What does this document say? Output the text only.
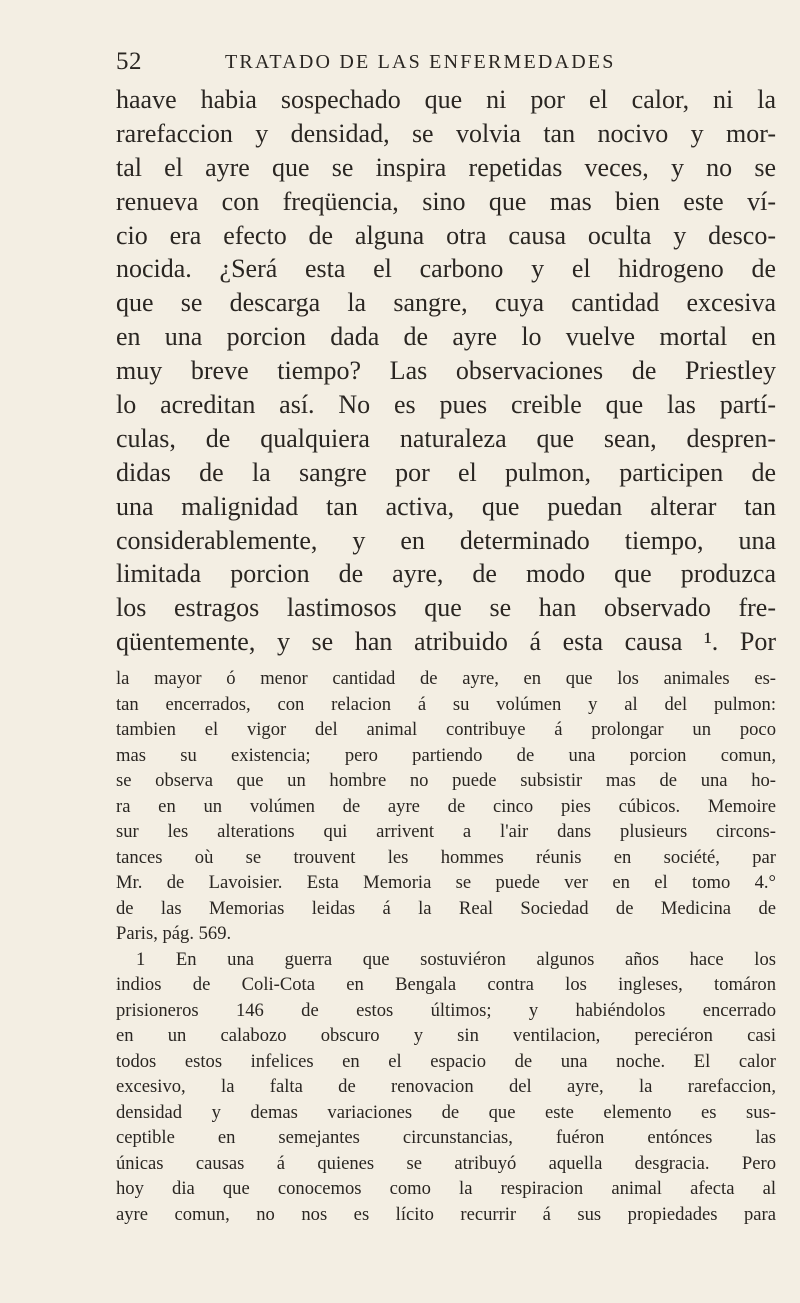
52	TRATADO DE LAS ENFERMEDADES
haave habia sospechado que ni por el calor, ni la
rarefaccion y densidad, se volvia tan nocivo y mor-
tal el ayre que se inspira repetidas veces, y no se
renueva con freqüencia, sino que mas bien este ví-
cio era efecto de alguna otra causa oculta y desco-
nocida. ¿Será esta el carbono y el hidrogeno de
que se descarga la sangre, cuya cantidad excesiva
en una porcion dada de ayre lo vuelve mortal en
muy breve tiempo? Las observaciones de Priestley
lo acreditan así. No es pues creible que las partí-
culas, de qualquiera naturaleza que sean, despren-
didas de la sangre por el pulmon, participen de
una malignidad tan activa, que puedan alterar tan
considerablemente, y en determinado tiempo, una
limitada porcion de ayre, de modo que produzca
los estragos lastimosos que se han observado fre-
qüentemente, y se han atribuido á esta causa ¹. Por
la mayor ó menor cantidad de ayre, en que los animales es-
tan encerrados, con relacion á su volúmen y al del pulmon:
tambien el vigor del animal contribuye á prolongar un poco
mas su existencia; pero partiendo de una porcion comun,
se observa que un hombre no puede subsistir mas de una ho-
ra en un volúmen de ayre de cinco pies cúbicos. Memoire
sur les alterations qui arrivent a l'air dans plusieurs circons-
tances où se trouvent les hommes réunis en société, par
Mr. de Lavoisier. Esta Memoria se puede ver en el tomo 4.°
de las Memorias leidas á la Real Sociedad de Medicina de
Paris, pág. 569.
1 En una guerra que sostuviéron algunos años hace los
indios de Coli-Cota en Bengala contra los ingleses, tomáron
prisioneros 146 de estos últimos; y habiéndolos encerrado
en un calabozo obscuro y sin ventilacion, pereciéron casi
todos estos infelices en el espacio de una noche. El calor
excesivo, la falta de renovacion del ayre, la rarefaccion,
densidad y demas variaciones de que este elemento es sus-
ceptible en semejantes circunstancias, fuéron entónces las
únicas causas á quienes se atribuyó aquella desgracia. Pero
hoy dia que conocemos como la respiracion animal afecta al
ayre comun, no nos es lícito recurrir á sus propiedades para
